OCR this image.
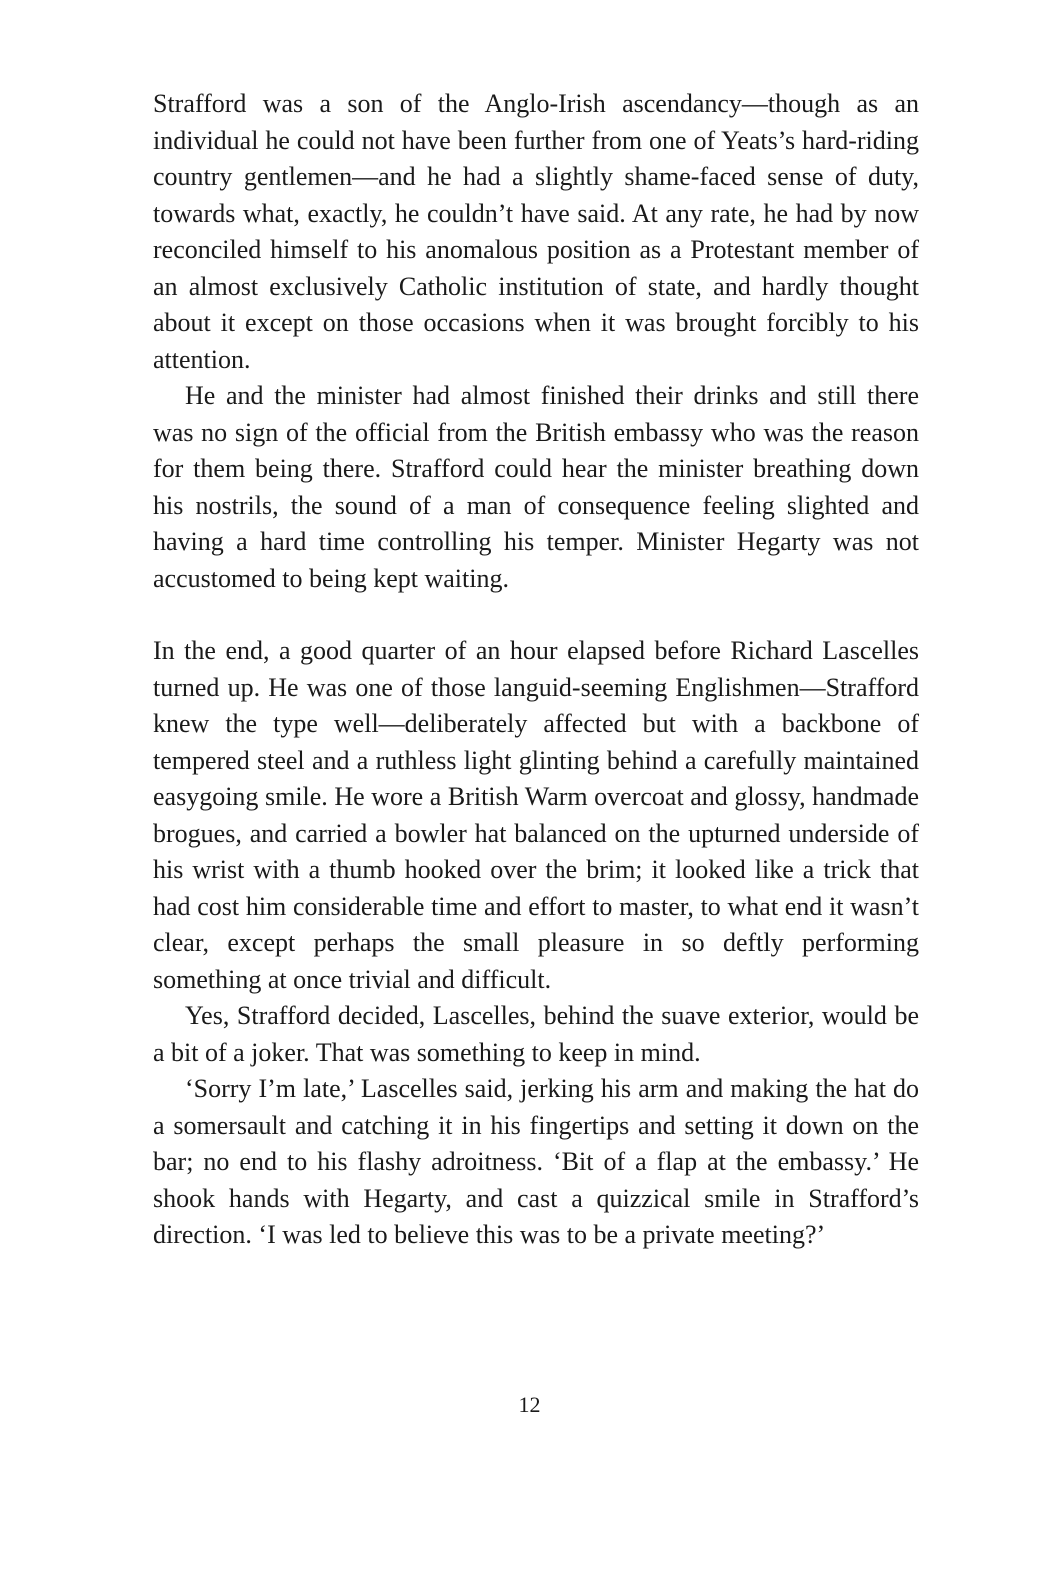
Strafford was a son of the Anglo-Irish ascendancy—though as an individual he could not have been further from one of Yeats’s hard-riding country gentlemen—and he had a slightly shame-faced sense of duty, towards what, exactly, he couldn’t have said. At any rate, he had by now reconciled himself to his anomalous position as a Protestant member of an almost exclusively Catholic institution of state, and hardly thought about it except on those occasions when it was brought forcibly to his attention.

He and the minister had almost finished their drinks and still there was no sign of the official from the British embassy who was the reason for them being there. Strafford could hear the minister breathing down his nostrils, the sound of a man of consequence feeling slighted and having a hard time controlling his temper. Minister Hegarty was not accustomed to being kept waiting.

In the end, a good quarter of an hour elapsed before Richard Lascelles turned up. He was one of those languid-seeming Englishmen—Strafford knew the type well—deliberately affected but with a backbone of tempered steel and a ruthless light glinting behind a carefully maintained easygoing smile. He wore a British Warm overcoat and glossy, handmade brogues, and carried a bowler hat balanced on the upturned underside of his wrist with a thumb hooked over the brim; it looked like a trick that had cost him considerable time and effort to master, to what end it wasn’t clear, except perhaps the small pleasure in so deftly performing something at once trivial and difficult.

Yes, Strafford decided, Lascelles, behind the suave exterior, would be a bit of a joker. That was something to keep in mind.

‘Sorry I’m late,’ Lascelles said, jerking his arm and making the hat do a somersault and catching it in his fingertips and setting it down on the bar; no end to his flashy adroitness. ‘Bit of a flap at the embassy.’ He shook hands with Hegarty, and cast a quizzical smile in Strafford’s direction. ‘I was led to believe this was to be a private meeting?’

12
